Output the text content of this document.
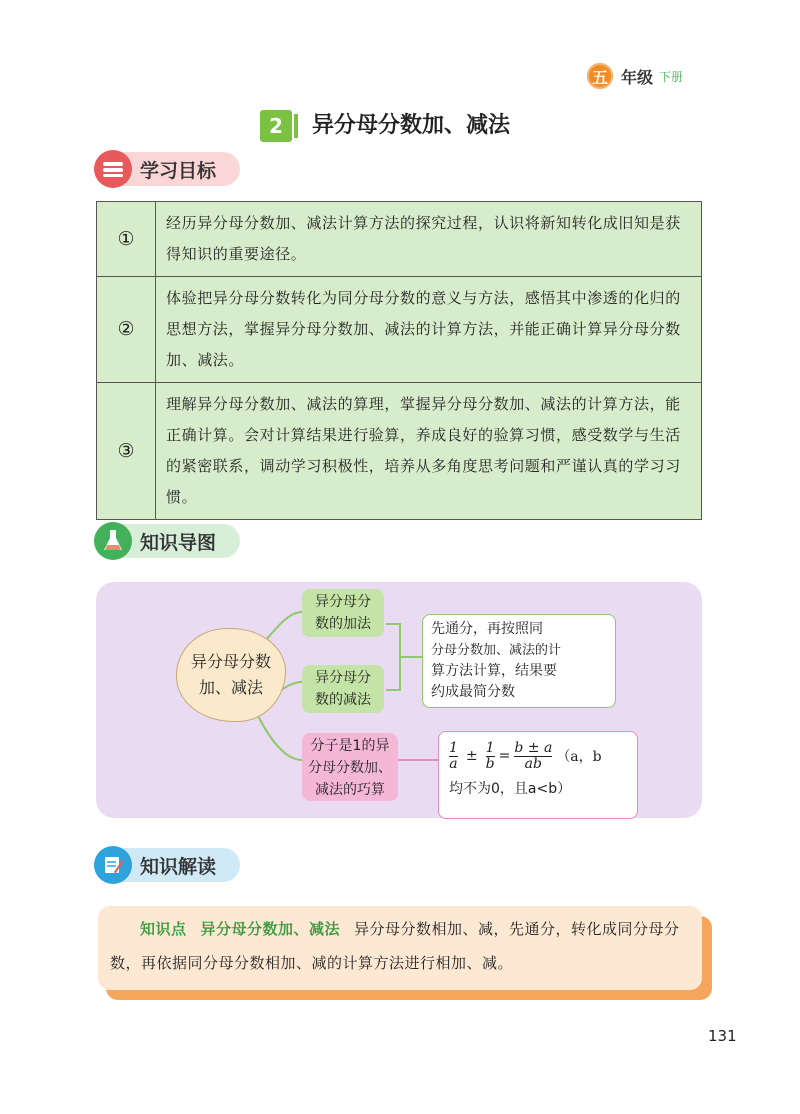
五 年级 下册
2	异分母分数加、减法
学习目标
①	经历异分母分数加、减法计算方法的探究过程，认识将新知转化成旧知是获得知识的重要途径。
②	体验把异分母分数转化为同分母分数的意义与方法，感悟其中渗透的化归的思想方法，掌握异分母分数加、减法的计算方法，并能正确计算异分母分数加、减法。
③	理解异分母分数加、减法的算理，掌握异分母分数加、减法的计算方法，能正确计算。会对计算结果进行验算，养成良好的验算习惯，感受数学与生活的紧密联系，调动学习积极性，培养从多角度思考问题和严谨认真的学习习惯。
知识导图
异分母分数
加、减法
异分母分
数的加法
异分母分
数的减法
先通分，再按照同
分母分数加、减法的计
算方法计算，结果要
约成最简分数
分子是1的异
分母分数加、
减法的巧算
$\frac{1}{a} \pm \frac{1}{b} = \frac{b \pm a}{ab} (a$，b
均不为0，且a<b）
知识解读
知识点 异分母分数加、减法 异分母分数相加、减，先通分，转化成同分母分数，再依据同分母分数相加、减的计算方法进行相加、减。
131
